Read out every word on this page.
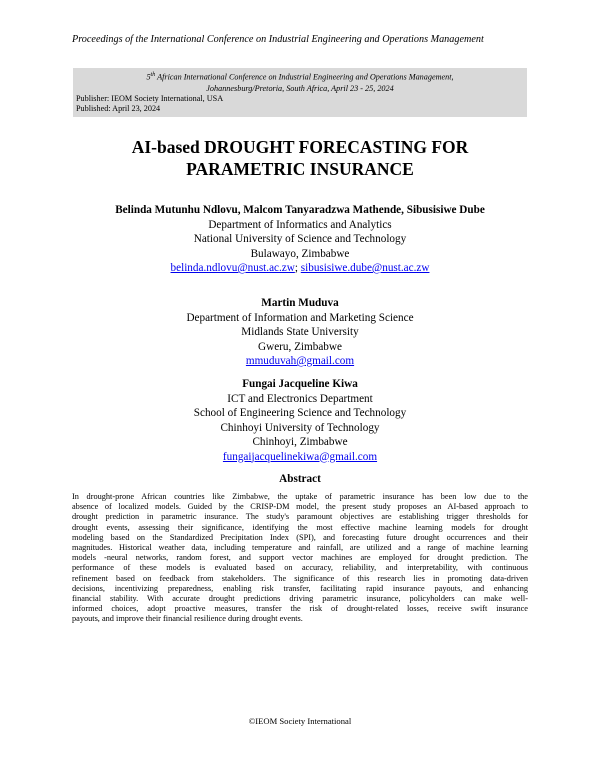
Proceedings of the International Conference on Industrial Engineering and Operations Management
5th African International Conference on Industrial Engineering and Operations Management,
Johannesburg/Pretoria, South Africa, April 23 - 25, 2024
Publisher: IEOM Society International, USA
Published: April 23, 2024
AI-based DROUGHT FORECASTING FOR
PARAMETRIC INSURANCE
Belinda Mutunhu Ndlovu, Malcom Tanyaradzwa Mathende, Sibusisiwe Dube
Department of Informatics and Analytics
National University of Science and Technology
Bulawayo, Zimbabwe
belinda.ndlovu@nust.ac.zw; sibusisiwe.dube@nust.ac.zw
Martin Muduva
Department of Information and Marketing Science
Midlands State University
Gweru, Zimbabwe
mmuduvah@gmail.com
Fungai Jacqueline Kiwa
ICT and Electronics Department
School of Engineering Science and Technology
Chinhoyi University of Technology
Chinhoyi, Zimbabwe
fungaijacquelinekiwa@gmail.com
Abstract
In drought-prone African countries like Zimbabwe, the uptake of parametric insurance has been low due to the
absence of localized models. Guided by the CRISP-DM model, the present study proposes an AI-based approach to
drought prediction in parametric insurance. The study's paramount objectives are establishing trigger thresholds for
drought events, assessing their significance, identifying the most effective machine learning models for drought
modeling based on the Standardized Precipitation Index (SPI), and forecasting future drought occurrences and their
magnitudes. Historical weather data, including temperature and rainfall, are utilized and a range of machine learning
models -neural networks, random forest, and support vector machines are employed for drought prediction. The
performance of these models is evaluated based on accuracy, reliability, and interpretability, with continuous
refinement based on feedback from stakeholders. The significance of this research lies in promoting data-driven
decisions, incentivizing preparedness, enabling risk transfer, facilitating rapid insurance payouts, and enhancing
financial stability. With accurate drought predictions driving parametric insurance, policyholders can make well-
informed choices, adopt proactive measures, transfer the risk of drought-related losses, receive swift insurance
payouts, and improve their financial resilience during drought events.
©IEOM Society International
